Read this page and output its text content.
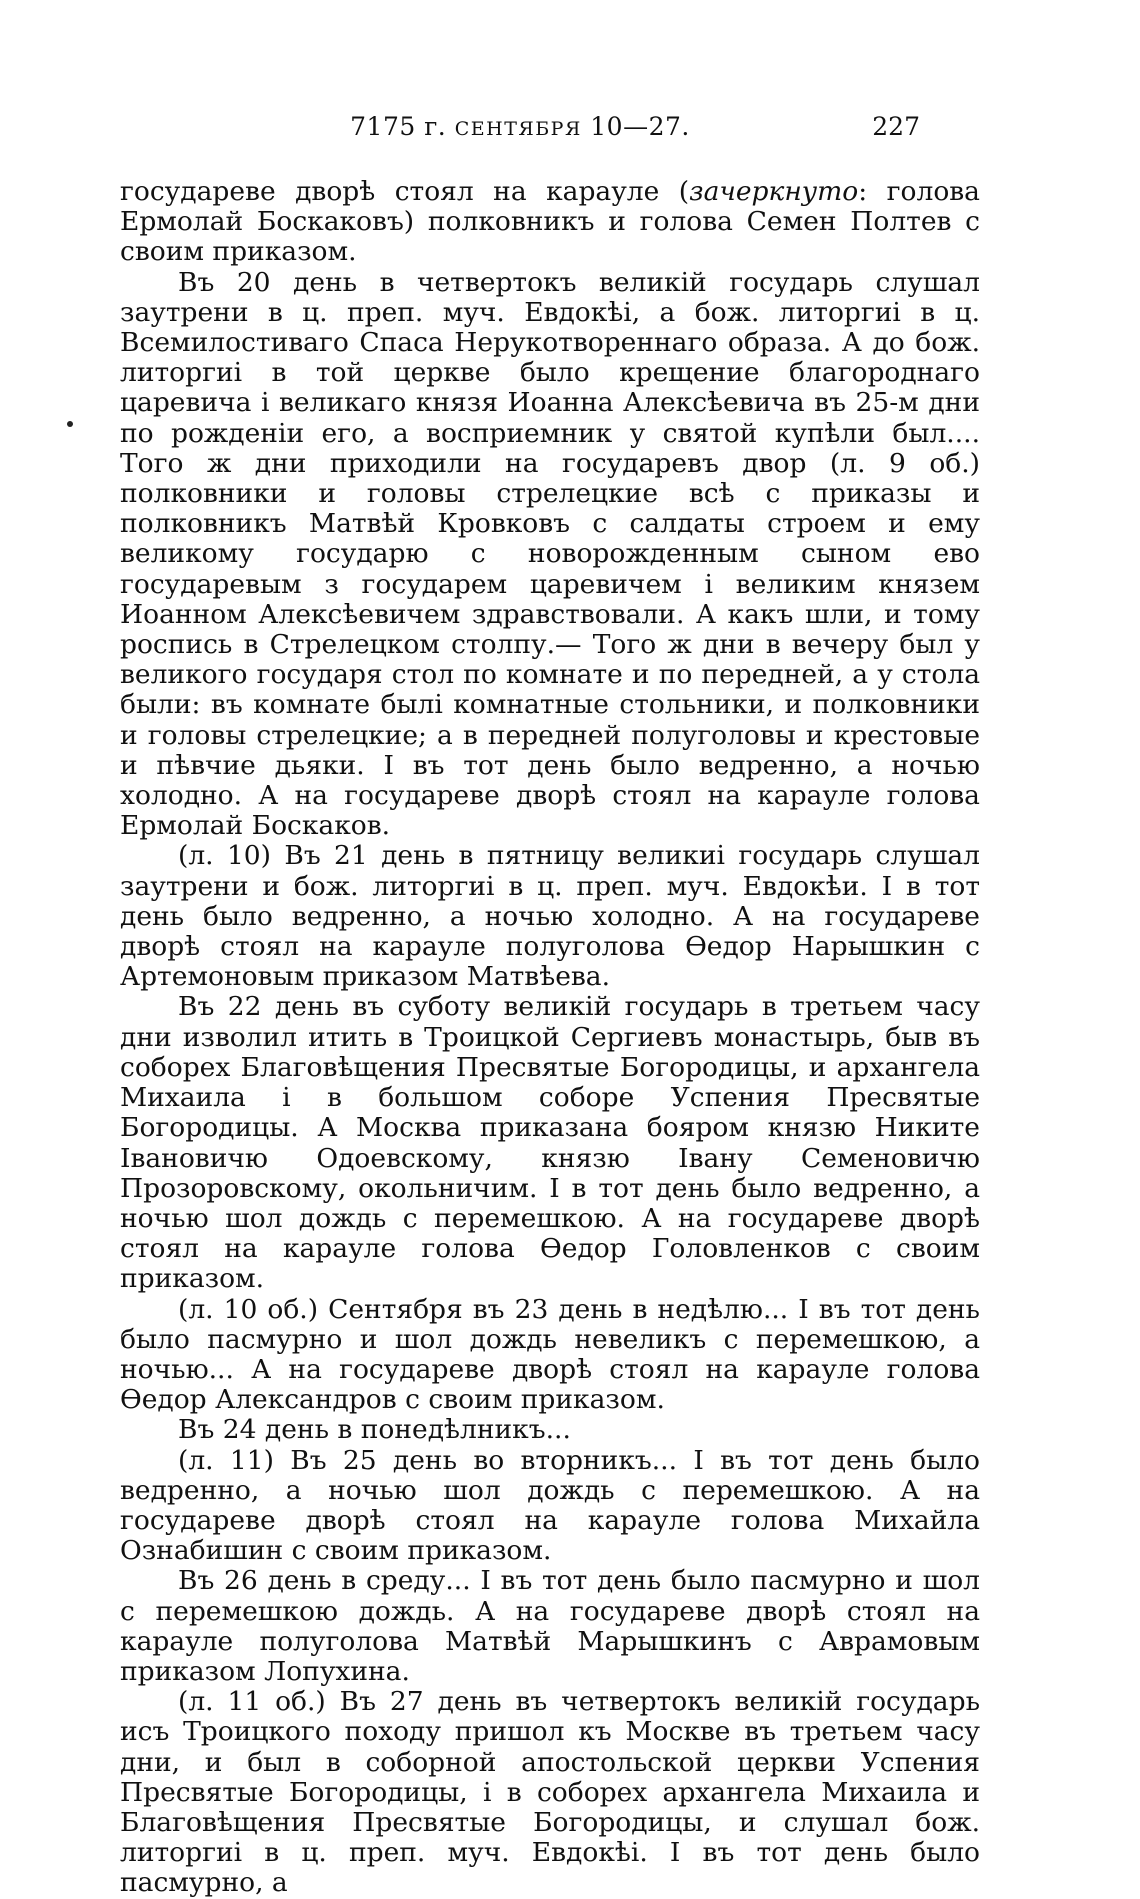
7175 г. СЕНТЯБРЯ 10—27.	227

государеве дворѣ стоял на карауле (зачеркнуто: голова Ермолай Боскаковъ) полковникъ и голова Семен Полтев с своим приказом.

Въ 20 день в четвертокъ великій государь слушал заутрени в ц. преп. муч. Евдокѣі, а бож. литоргиі в ц. Всемилостиваго Спаса Нерукотвореннаго образа. А до бож. литоргиі в той церкве было крещение благороднаго царевича і великаго князя Иоанна Алексѣевича въ 25-м дни по рожденіи его, а восприемник у святой купѣли был.... Того ж дни приходили на государевъ двор (л. 9 об.) полковники и головы стрелецкие всѣ с приказы и полковникъ Матвѣй Кровковъ с салдаты строем и ему великому государю с новорожденным сыном ево государевым з государем царевичем і великим князем Иоанном Алексѣевичем здравствовали. А какъ шли, и тому роспись в Стрелецком столпу.— Того ж дни в вечеру был у великого государя стол по комнате и по передней, а у стола были: въ комнате былі комнатные стольники, и полковники и головы стрелецкие; а в передней полуголовы и крестовые и пѣвчие дьяки. І въ тот день было ведренно, а ночью холодно. А на государеве дворѣ стоял на карауле голова Ермолай Боскаков.

(л. 10) Въ 21 день в пятницу великиі государь слушал заутрени и бож. литоргиі в ц. преп. муч. Евдокѣи. І в тот день было ведренно, а ночью холодно. А на государеве дворѣ стоял на карауле полуголова Өедор Нарышкин с Артемоновым приказом Матвѣева.

Въ 22 день въ суботу великій государь в третьем часу дни изволил итить в Троицкой Сергиевъ монастырь, быв въ соборех Благовѣщения Пресвятые Богородицы, и архангела Михаила і в большом соборе Успения Пресвятые Богородицы. А Москва приказана бояром князю Никите Івановичю Одоевскому, князю Івану Семеновичю Прозоровскому, окольничим. І в тот день было ведренно, а ночью шол дождь с перемешкою. А на государеве дворѣ стоял на карауле голова Өедор Головленков с своим приказом.

(л. 10 об.) Сентября въ 23 день в недѣлю... І въ тот день было пасмурно и шол дождь невеликъ с перемешкою, а ночью... А на государеве дворѣ стоял на карауле голова Өедор Александров с своим приказом.

Въ 24 день в понедѣлникъ...

(л. 11) Въ 25 день во вторникъ... І въ тот день было ведренно, а ночью шол дождь с перемешкою. А на государеве дворѣ стоял на карауле голова Михайла Ознабишин с своим приказом.

Въ 26 день в среду... І въ тот день было пасмурно и шол с перемешкою дождь. А на государеве дворѣ стоял на карауле полуголова Матвѣй Марышкинъ с Аврамовым приказом Лопухина.

(л. 11 об.) Въ 27 день въ четвертокъ великій государь исъ Троицкого походу пришол къ Москве въ третьем часу дни, и был в соборной апостольской церкви Успения Пресвятые Богородицы, і в соборех архангела Михаила и Благовѣщения Пресвятые Богородицы, и слушал бож. литоргиі в ц. преп. муч. Евдокѣі. І въ тот день было пасмурно, а
